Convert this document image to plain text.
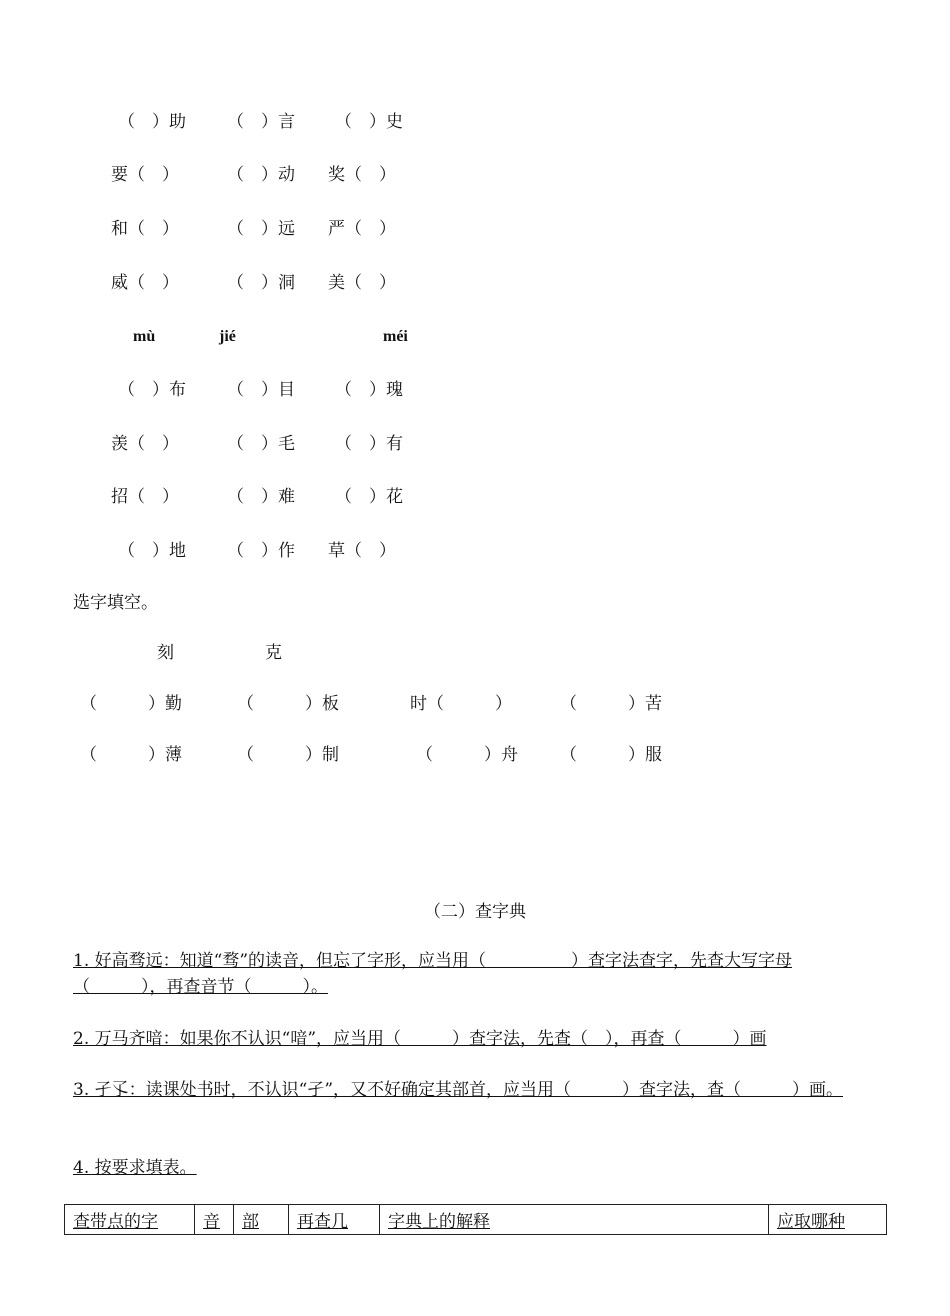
（　）助 （　）言 （　）史
要（　）	（　）动 奖（　）
和（　）	（　）远 严（　）
威（　）	（　）洞 美（　）
mù	jié	méi
（　）布 （　）目 （　）瑰
羡（　）	（　）毛 （　）有
招（　）	（　）难 （　）花
（　）地 （　）作 草（　）
选字填空。
刻	克
（　　　）勤	（　　　）板	时（　　　）	（　　　）苦
（　　　）薄	（　　　）制	（　　　）舟 （　　　）服
（二）查字典
1. 好高骛远：知道“骛”的读音，但忘了字形，应当用（　　　　　）查字法查字，先查大写字母（　　　），再查音节（　　　）。
2. 万马齐喑：如果你不认识“喑”，应当用（　　　）查字法，先查（　），再查（　　　）画
3. 孑孓：读课处书时，不认识“孑”，又不好确定其部首，应当用（　　　）查字法，查（　　　）画。
4. 按要求填表。
查带点的字	音	部	再查几	字典上的解释	应取哪种
